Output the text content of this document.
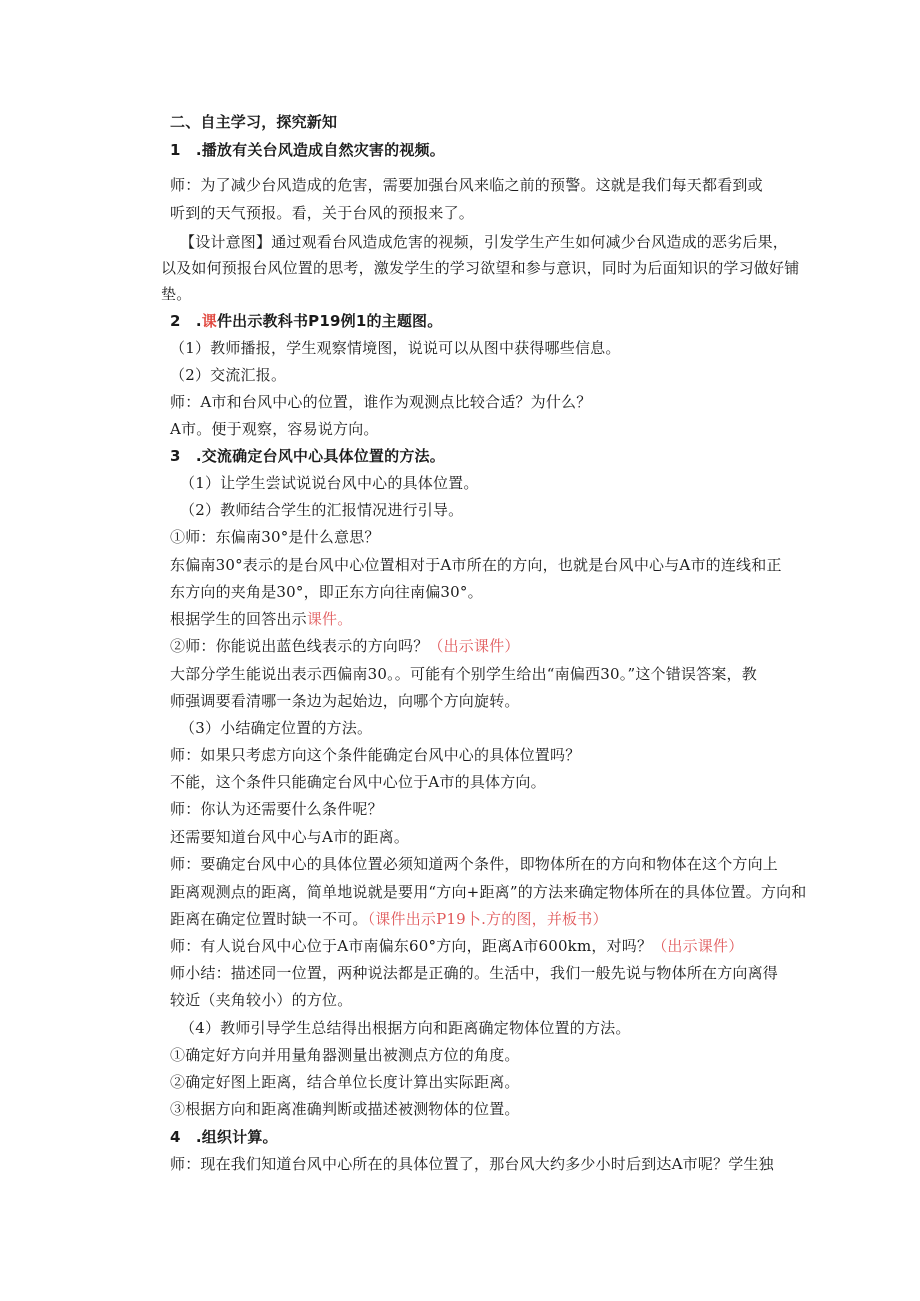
二、自主学习，探究新知
1　.播放有关台风造成自然灾害的视频。
师：为了减少台风造成的危害，需要加强台风来临之前的预警。这就是我们每天都看到或
听到的天气预报。看，关于台风的预报来了。
【设计意图】通过观看台风造成危害的视频，引发学生产生如何减少台风造成的恶劣后果，
以及如何预报台风位置的思考，激发学生的学习欲望和参与意识，同时为后面知识的学习做好铺
垫。
2　.课件出示教科书P19例1的主题图。
（1）教师播报，学生观察情境图，说说可以从图中获得哪些信息。
（2）交流汇报。
师：A市和台风中心的位置，谁作为观测点比较合适？为什么？
A市。便于观察，容易说方向。
3　.交流确定台风中心具体位置的方法。
（1）让学生尝试说说台风中心的具体位置。
（2）教师结合学生的汇报情况进行引导。
①师：东偏南30°是什么意思？
东偏南30°表示的是台风中心位置相对于A市所在的方向，也就是台风中心与A市的连线和正
东方向的夹角是30°，即正东方向往南偏30°。
根据学生的回答出示课件。
②师：你能说出蓝色线表示的方向吗？（出示课件）
大部分学生能说出表示西偏南30。。可能有个别学生给出“南偏西30。”这个错误答案，教
师强调要看清哪一条边为起始边，向哪个方向旋转。
（3）小结确定位置的方法。
师：如果只考虑方向这个条件能确定台风中心的具体位置吗？
不能，这个条件只能确定台风中心位于A市的具体方向。
师：你认为还需要什么条件呢？
还需要知道台风中心与A市的距离。
师：要确定台风中心的具体位置必须知道两个条件，即物体所在的方向和物体在这个方向上
距离观测点的距离，简单地说就是要用“方向+距离”的方法来确定物体所在的具体位置。方向和
距离在确定位置时缺一不可。（课件出示P19卜.方的图，并板书）
师：有人说台风中心位于A市南偏东60°方向，距离A市600km，对吗？（出示课件）
师小结：描述同一位置，两种说法都是正确的。生活中，我们一般先说与物体所在方向离得
较近（夹角较小）的方位。
（4）教师引导学生总结得出根据方向和距离确定物体位置的方法。
①确定好方向并用量角器测量出被测点方位的角度。
②确定好图上距离，结合单位长度计算出实际距离。
③根据方向和距离准确判断或描述被测物体的位置。
4　.组织计算。
师：现在我们知道台风中心所在的具体位置了，那台风大约多少小时后到达A市呢？学生独
